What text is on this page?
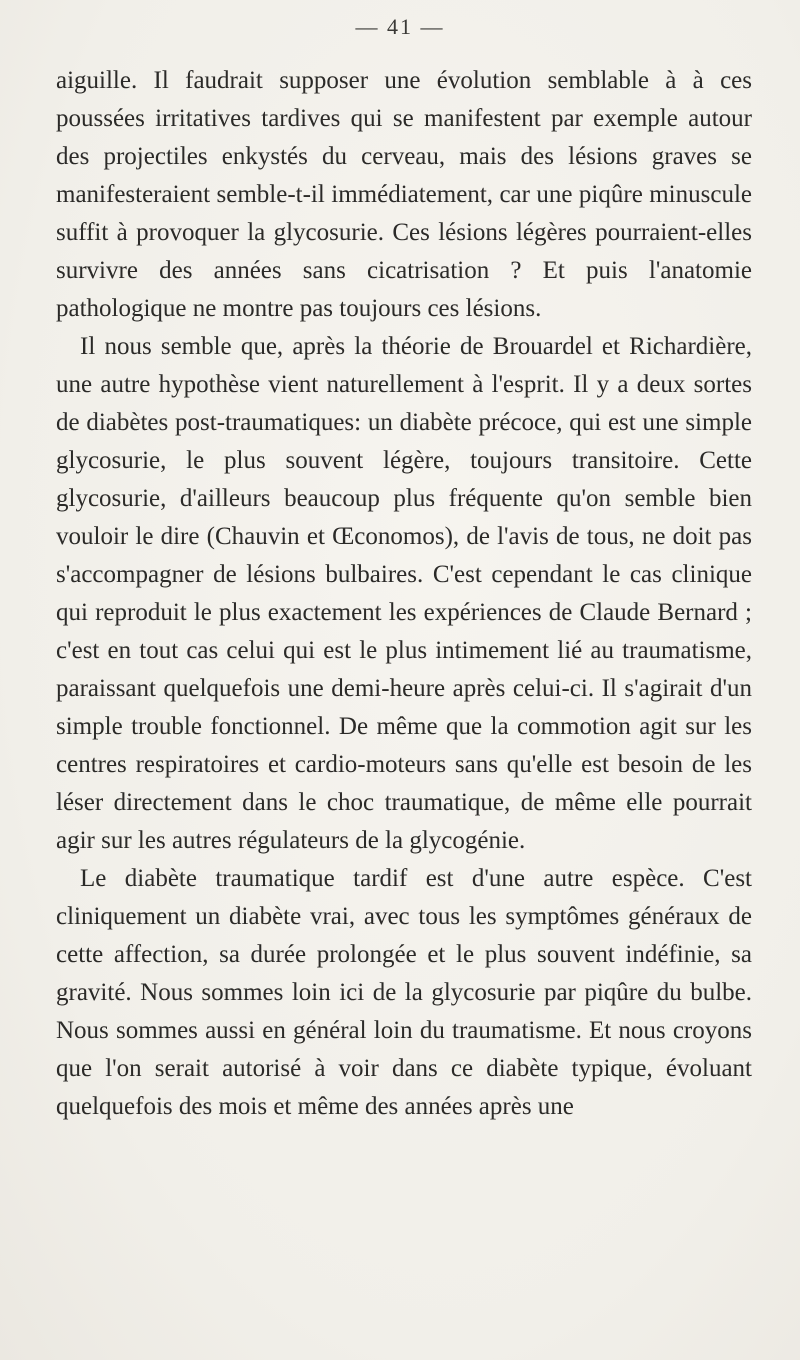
— 41 —

aiguille. Il faudrait supposer une évolution semblable à à ces poussées irritatives tardives qui se manifestent par exemple autour des projectiles enkystés du cerveau, mais des lésions graves se manifesteraient semble-t-il immédiatement, car une piqûre minuscule suffit à provoquer la glycosurie. Ces lésions légères pourraient-elles survivre des années sans cicatrisation ? Et puis l'anatomie pathologique ne montre pas toujours ces lésions.

Il nous semble que, après la théorie de Brouardel et Richardière, une autre hypothèse vient naturellement à l'esprit. Il y a deux sortes de diabètes post-traumatiques: un diabète précoce, qui est une simple glycosurie, le plus souvent légère, toujours transitoire. Cette glycosurie, d'ailleurs beaucoup plus fréquente qu'on semble bien vouloir le dire (Chauvin et Œconomos), de l'avis de tous, ne doit pas s'accompagner de lésions bulbaires. C'est cependant le cas clinique qui reproduit le plus exactement les expériences de Claude Bernard ; c'est en tout cas celui qui est le plus intimement lié au traumatisme, paraissant quelquefois une demi-heure après celui-ci. Il s'agirait d'un simple trouble fonctionnel. De même que la commotion agit sur les centres respiratoires et cardio-moteurs sans qu'elle est besoin de les léser directement dans le choc traumatique, de même elle pourrait agir sur les autres régulateurs de la glycogénie.

Le diabète traumatique tardif est d'une autre espèce. C'est cliniquement un diabète vrai, avec tous les symptômes généraux de cette affection, sa durée prolongée et le plus souvent indéfinie, sa gravité. Nous sommes loin ici de la glycosurie par piqûre du bulbe. Nous sommes aussi en général loin du traumatisme. Et nous croyons que l'on serait autorisé à voir dans ce diabète typique, évoluant quelquefois des mois et même des années après une
